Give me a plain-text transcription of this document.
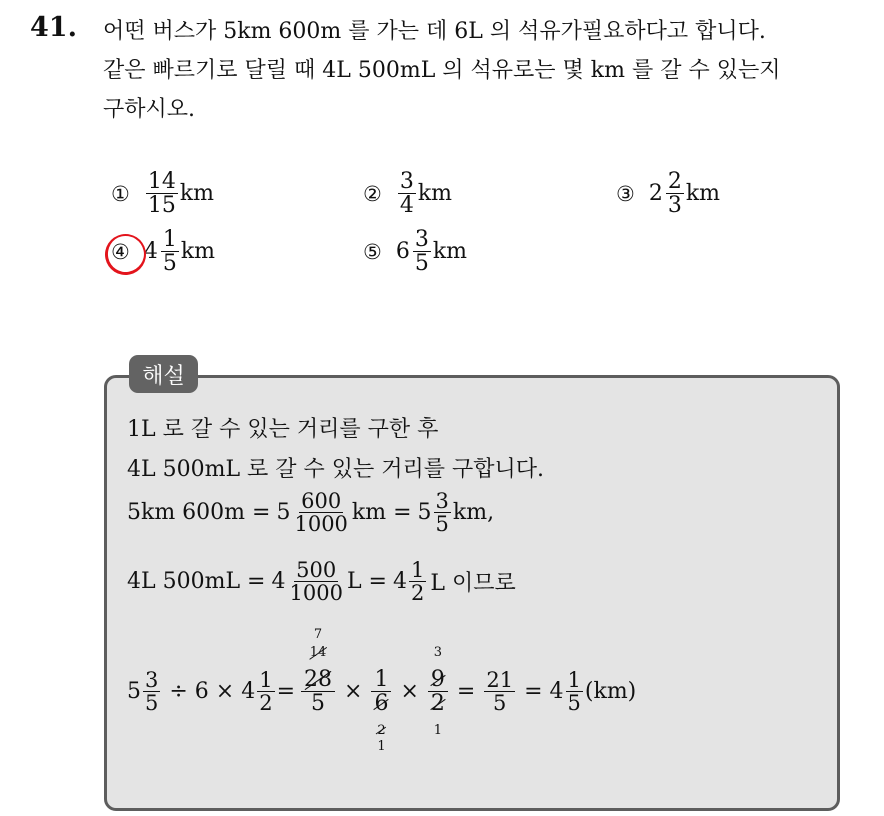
41. 어떤 버스가 5km 600m 를 가는 데 6L 의 석유가필요하다고 합니다.
같은 빠르기로 달릴 때 4L 500mL 의 석유로는 몇 km 를 갈 수 있는지
구하시오.
① $\frac{14}{15}$ km	② $\frac{3}{4}$ km	③ $2 \frac{2}{3}$ km
④ $4 \frac{1}{5}$ km	⑤ $6 \frac{3}{5}$ km
해설
1L 로 갈 수 있는 거리를 구한 후
4L 500mL 로 갈 수 있는 거리를 구합니다.
5km $600m = 5 \frac{600}{1000}$ km = $5 \frac{3}{5}$ km,
4L $500mL = 4 \frac{500}{1000}$ $L = 4 \frac{1}{2}$ L 이므로
$5 \frac{3}{5} \div 6 \times 4 \frac{1}{2}$ =
7
14
28
5 × 1
6
2
1
×
3
9
2
1
= $\frac{21}{5} = 4 \frac{1}{5} (km)$
